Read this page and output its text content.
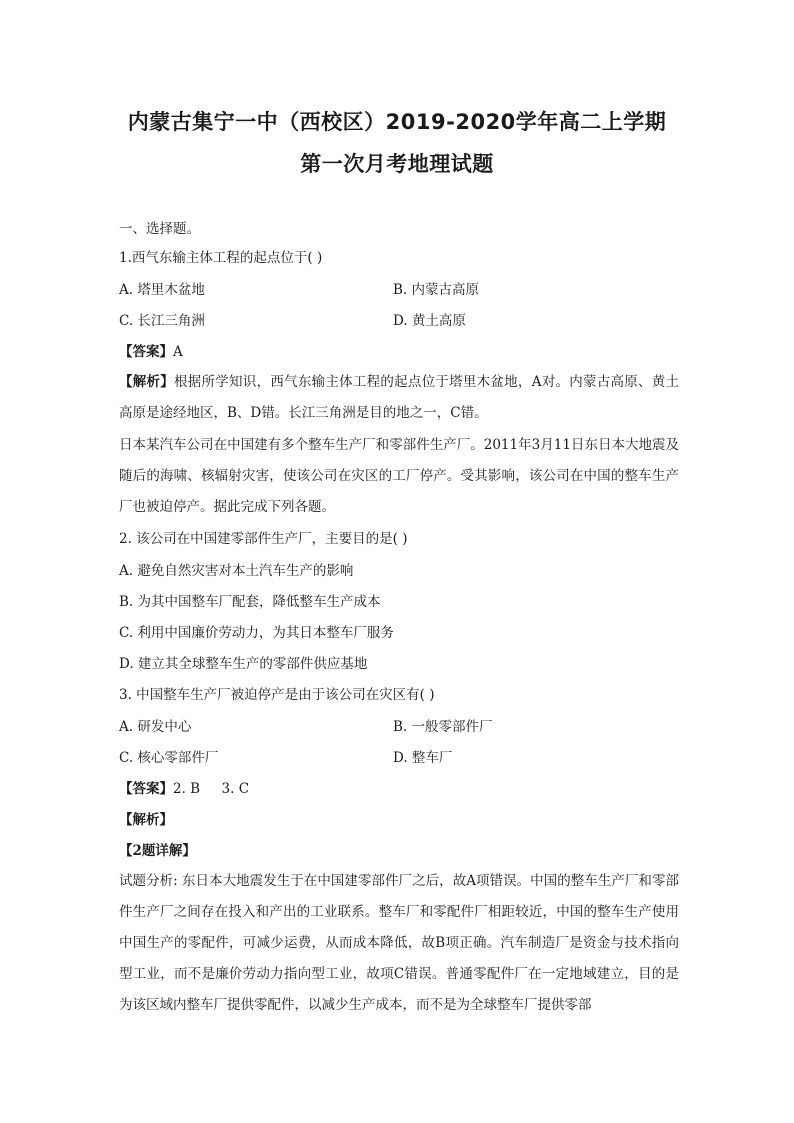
内蒙古集宁一中（西校区）2019-2020学年高二上学期
第一次月考地理试题
一、选择题。
1.西气东输主体工程的起点位于( )
A. 塔里木盆地	B. 内蒙古高原
C. 长江三角洲	D. 黄土高原
【答案】A
【解析】根据所学知识，西气东输主体工程的起点位于塔里木盆地，A对。内蒙古高原、黄土高原是途经地区，B、D错。长江三角洲是目的地之一，C错。
日本某汽车公司在中国建有多个整车生产厂和零部件生产厂。2011年3月11日东日本大地震及随后的海啸、核辐射灾害，使该公司在灾区的工厂停产。受其影响，该公司在中国的整车生产厂也被迫停产。据此完成下列各题。
2. 该公司在中国建零部件生产厂，主要目的是( )
A. 避免自然灾害对本土汽车生产的影响
B. 为其中国整车厂配套，降低整车生产成本
C. 利用中国廉价劳动力，为其日本整车厂服务
D. 建立其全球整车生产的零部件供应基地
3. 中国整车生产厂被迫停产是由于该公司在灾区有( )
A. 研发中心	B. 一般零部件厂
C. 核心零部件厂	D. 整车厂
【答案】2. B     3. C
【解析】
【2题详解】
试题分析: 东日本大地震发生于在中国建零部件厂之后，故A项错误。中国的整车生产厂和零部件生产厂之间存在投入和产出的工业联系。整车厂和零配件厂相距较近，中国的整车生产使用中国生产的零配件，可减少运费，从而成本降低，故B项正确。汽车制造厂是资金与技术指向型工业，而不是廉价劳动力指向型工业，故项C错误。普通零配件厂在一定地域建立，目的是为该区域内整车厂提供零配件，以减少生产成本，而不是为全球整车厂提供零部
